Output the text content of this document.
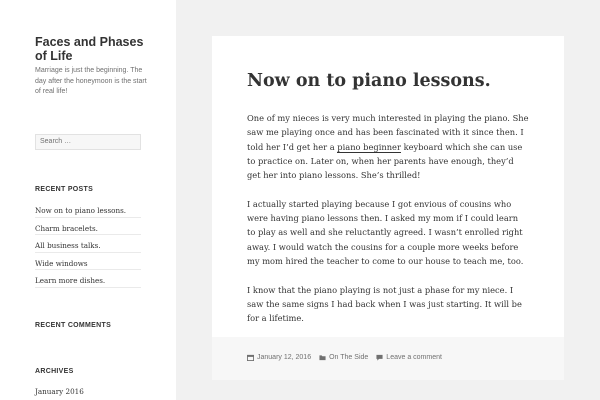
Faces and Phases of Life

Marriage is just the beginning. The day after the honeymoon is the start of real life!

Search …
RECENT POSTS
Now on to piano lessons.
Charm bracelets.
All business talks.
Wide windows
Learn more dishes.
RECENT COMMENTS
ARCHIVES
January 2016
Now on to piano lessons.

One of my nieces is very much interested in playing the piano. She saw me playing once and has been fascinated with it since then. I told her I’d get her a piano beginner keyboard which she can use to practice on. Later on, when her parents have enough, they’d get her into piano lessons. She’s thrilled!

I actually started playing because I got envious of cousins who were having piano lessons then. I asked my mom if I could learn to play as well and she reluctantly agreed. I wasn’t enrolled right away. I would watch the cousins for a couple more weeks before my mom hired the teacher to come to our house to teach me, too.

I know that the piano playing is not just a phase for my niece. I saw the same signs I had back when I was just starting. It will be for a lifetime.

January 12, 2016	On The Side	Leave a comment
